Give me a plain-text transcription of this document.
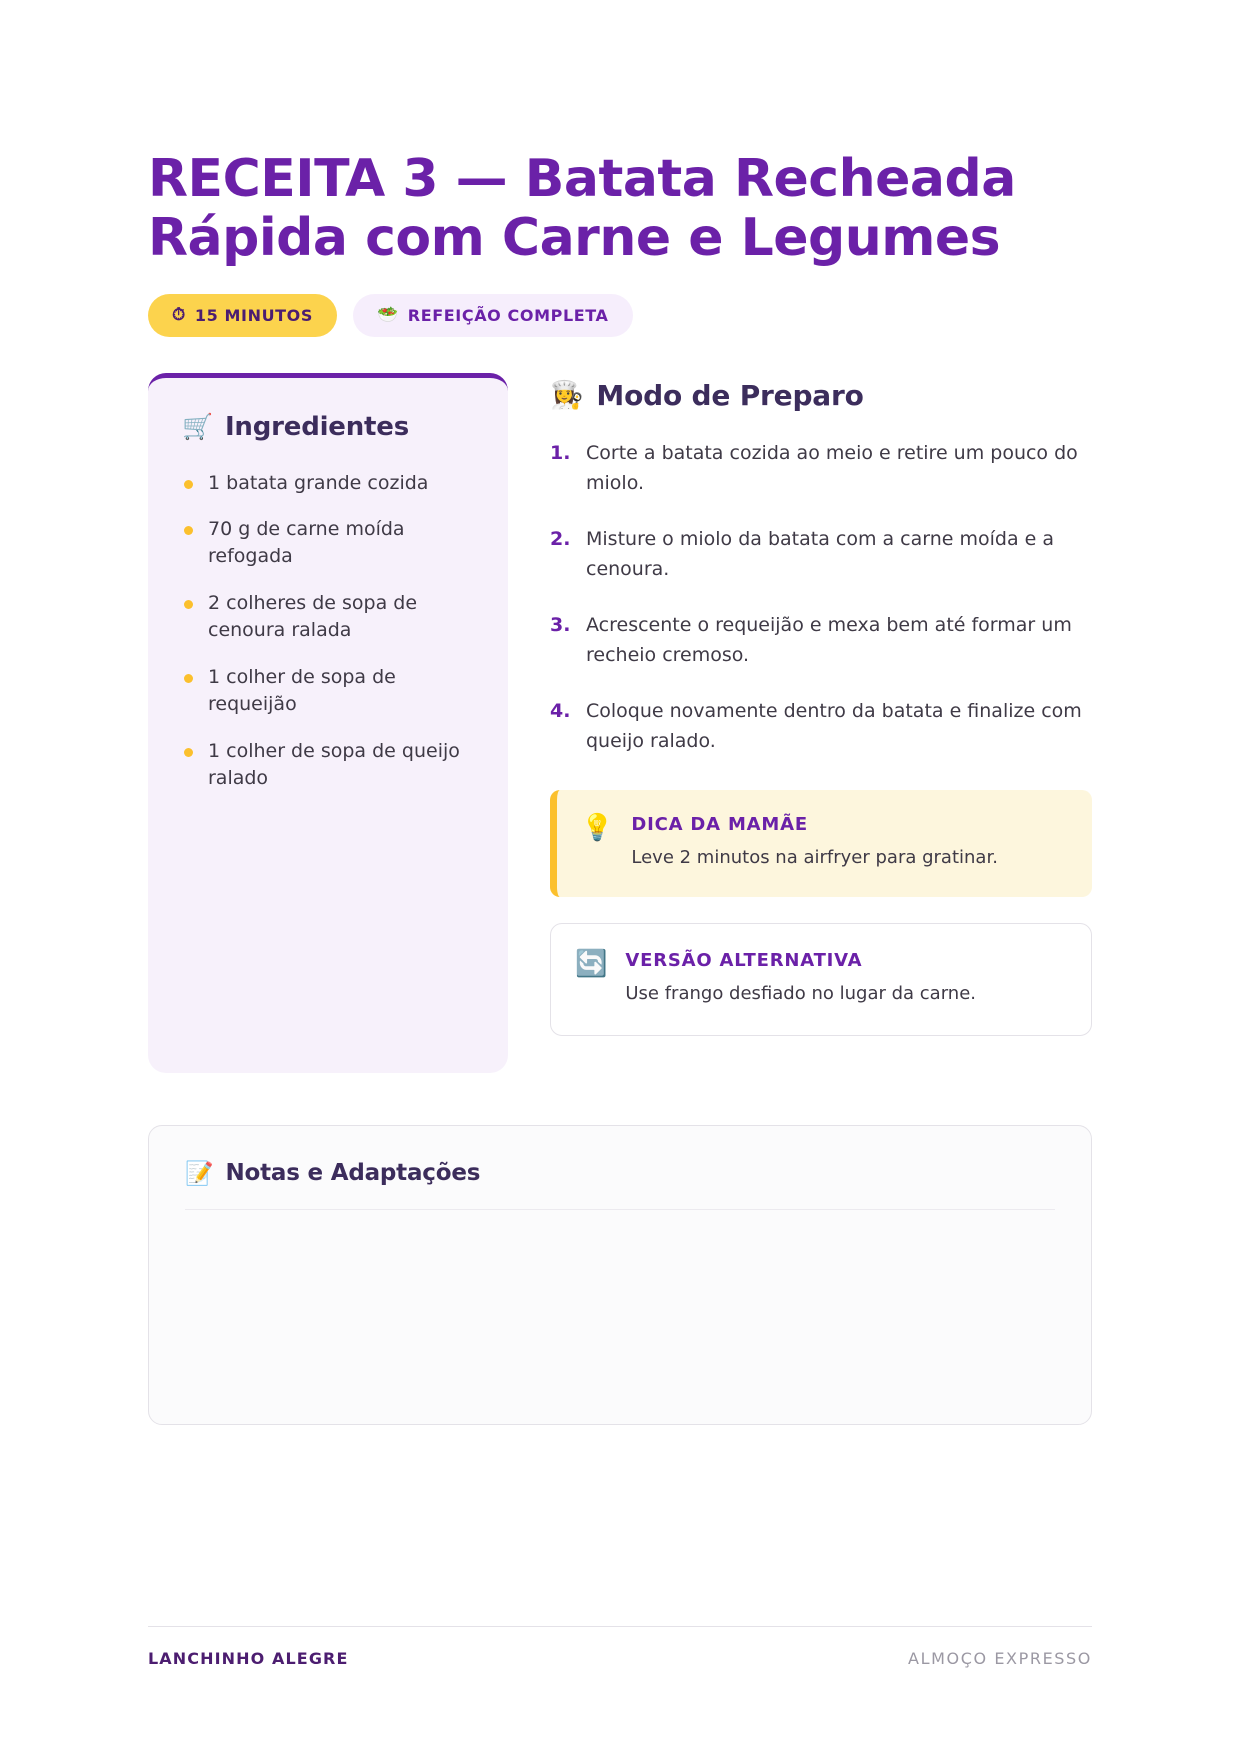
RECEITA 3 — Batata Recheada Rápida com Carne e Legumes
⏱ 15 MINUTOS	🥗 REFEIÇÃO COMPLETA
🛒 Ingredientes
1 batata grande cozida
70 g de carne moída refogada
2 colheres de sopa de cenoura ralada
1 colher de sopa de requeijão
1 colher de sopa de queijo ralado
👩‍🍳 Modo de Preparo
1. Corte a batata cozida ao meio e retire um pouco do miolo.
2. Misture o miolo da batata com a carne moída e a cenoura.
3. Acrescente o requeijão e mexa bem até formar um recheio cremoso.
4. Coloque novamente dentro da batata e finalize com queijo ralado.
💡 DICA DA MAMÃE
Leve 2 minutos na airfryer para gratinar.
🔄 VERSÃO ALTERNATIVA
Use frango desfiado no lugar da carne.
📝 Notas e Adaptações
LANCHINHO ALEGRE	ALMOÇO EXPRESSO
